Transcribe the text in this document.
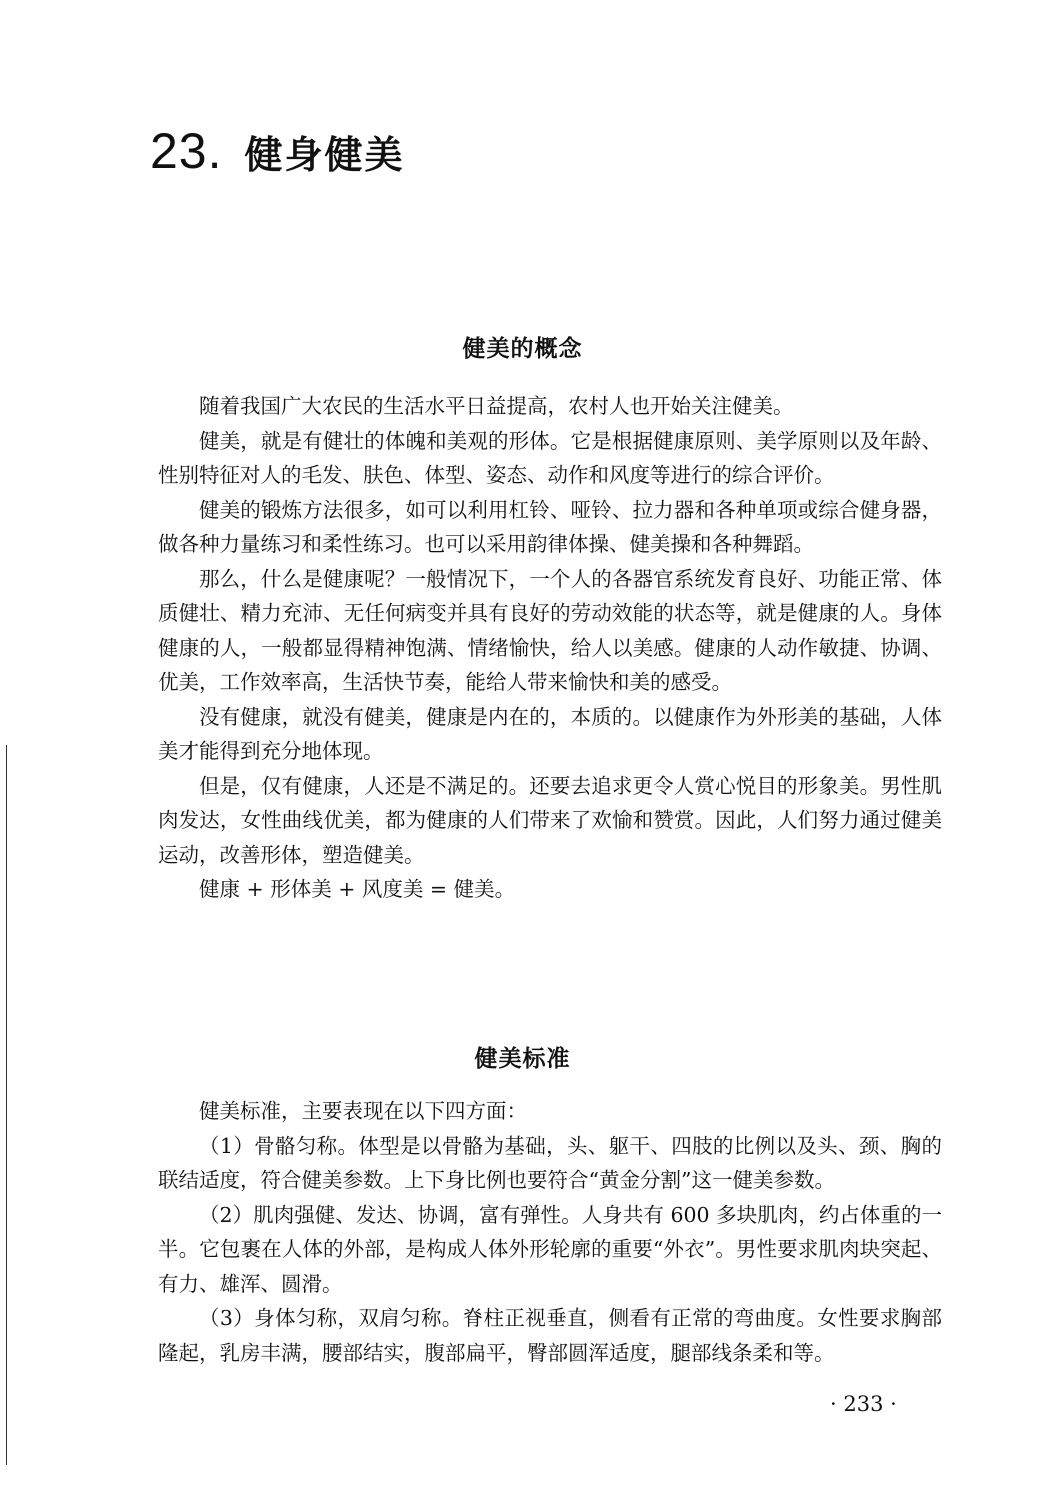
23. 健身健美
健美的概念

随着我国广大农民的生活水平日益提高，农村人也开始关注健美。

健美，就是有健壮的体魄和美观的形体。它是根据健康原则、美学原则以及年龄、性别特征对人的毛发、肤色、体型、姿态、动作和风度等进行的综合评价。

健美的锻炼方法很多，如可以利用杠铃、哑铃、拉力器和各种单项或综合健身器，做各种力量练习和柔性练习。也可以采用韵律体操、健美操和各种舞蹈。

那么，什么是健康呢？一般情况下，一个人的各器官系统发育良好、功能正常、体质健壮、精力充沛、无任何病变并具有良好的劳动效能的状态等，就是健康的人。身体健康的人，一般都显得精神饱满、情绪愉快，给人以美感。健康的人动作敏捷、协调、优美，工作效率高，生活快节奏，能给人带来愉快和美的感受。

没有健康，就没有健美，健康是内在的，本质的。以健康作为外形美的基础，人体美才能得到充分地体现。

但是，仅有健康，人还是不满足的。还要去追求更令人赏心悦目的形象美。男性肌肉发达，女性曲线优美，都为健康的人们带来了欢愉和赞赏。因此，人们努力通过健美运动，改善形体，塑造健美。

健康 + 形体美 + 风度美 = 健美。

健美标准

健美标准，主要表现在以下四方面：

（1）骨骼匀称。体型是以骨骼为基础，头、躯干、四肢的比例以及头、颈、胸的联结适度，符合健美参数。上下身比例也要符合“黄金分割”这一健美参数。

（2）肌肉强健、发达、协调，富有弹性。人身共有 600 多块肌肉，约占体重的一半。它包裹在人体的外部，是构成人体外形轮廓的重要“外衣”。男性要求肌肉块突起、有力、雄浑、圆滑。

（3）身体匀称，双肩匀称。脊柱正视垂直，侧看有正常的弯曲度。女性要求胸部隆起，乳房丰满，腰部结实，腹部扁平，臀部圆浑适度，腿部线条柔和等。

· 233 ·
